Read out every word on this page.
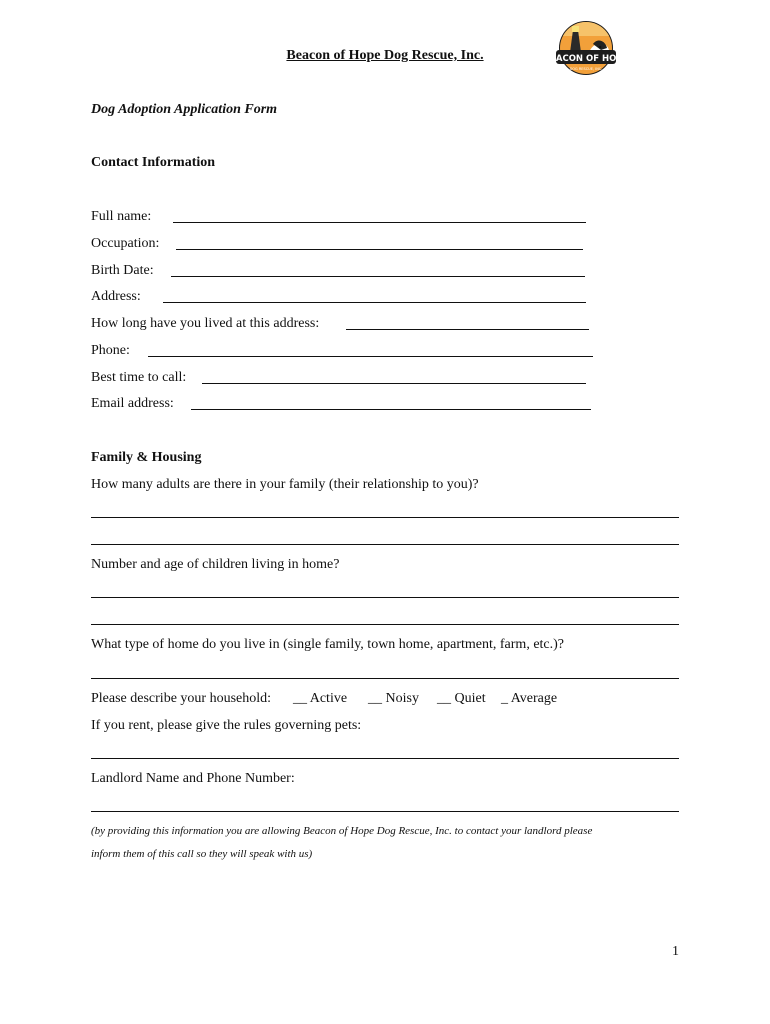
Beacon of Hope Dog Rescue, Inc.	BEACON OF HOPE
DOG RESCUE, INC.
Dog Adoption Application Form
Contact Information
Full name:
Occupation:
Birth Date:
Address:
How long have you lived at this address:
Phone:
Best time to call:
Email address:
Family & Housing
How many adults are there in your family (their relationship to you)?
Number and age of children living in home?
What type of home do you live in (single family, town home, apartment, farm, etc.)?
Please describe your household: __ Active __ Noisy __ Quiet _ Average
If you rent, please give the rules governing pets:
Landlord Name and Phone Number:
(by providing this information you are allowing Beacon of Hope Dog Rescue, Inc. to contact your landlord please
inform them of this call so they will speak with us)
1
